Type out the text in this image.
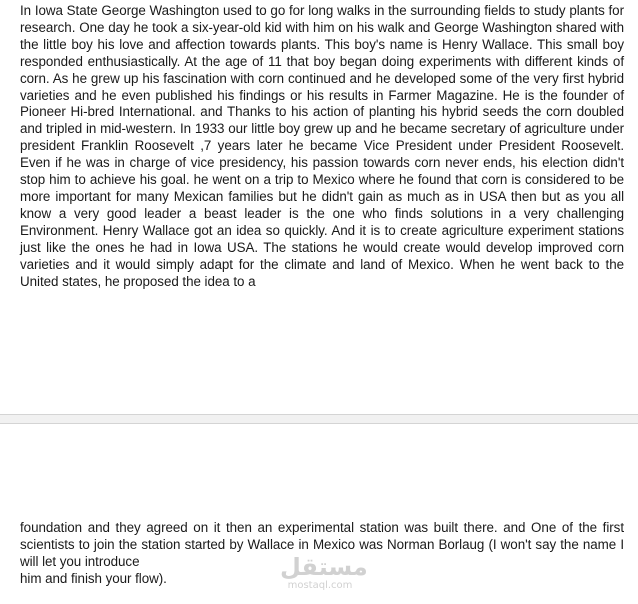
In Iowa State George Washington used to go for long walks in the surrounding fields to study plants for research. One day he took a six-year-old kid with him on his walk and George Washington shared with the little boy his love and affection towards plants. This boy's name is Henry Wallace. This small boy responded enthusiastically. At the age of 11 that boy began doing experiments with different kinds of corn. As he grew up his fascination with corn continued and he developed some of the very first hybrid varieties and he even published his findings or his results in Farmer Magazine. He is the founder of Pioneer Hi-bred International. and Thanks to his action of planting his hybrid seeds the corn doubled and tripled in mid-western. In 1933 our little boy grew up and he became secretary of agriculture under president Franklin Roosevelt ,7 years later he became Vice President under President Roosevelt. Even if he was in charge of vice presidency, his passion towards corn never ends, his election didn't stop him to achieve his goal. he went on a trip to Mexico where he found that corn is considered to be more important for many Mexican families but he didn't gain as much as in USA then but as you all know a very good leader a beast leader is the one who finds solutions in a very challenging Environment. Henry Wallace got an idea so quickly. And it is to create agriculture experiment stations just like the ones he had in Iowa USA. The stations he would create would develop improved corn varieties and it would simply adapt for the climate and land of Mexico. When he went back to the United states, he proposed the idea to a

foundation and they agreed on it then an experimental station was built there. and One of the first scientists to join the station started by Wallace in Mexico was Norman Borlaug (I won't say the name I will let you introduce
him and finish your flow).	مستقل
mostaql.com
